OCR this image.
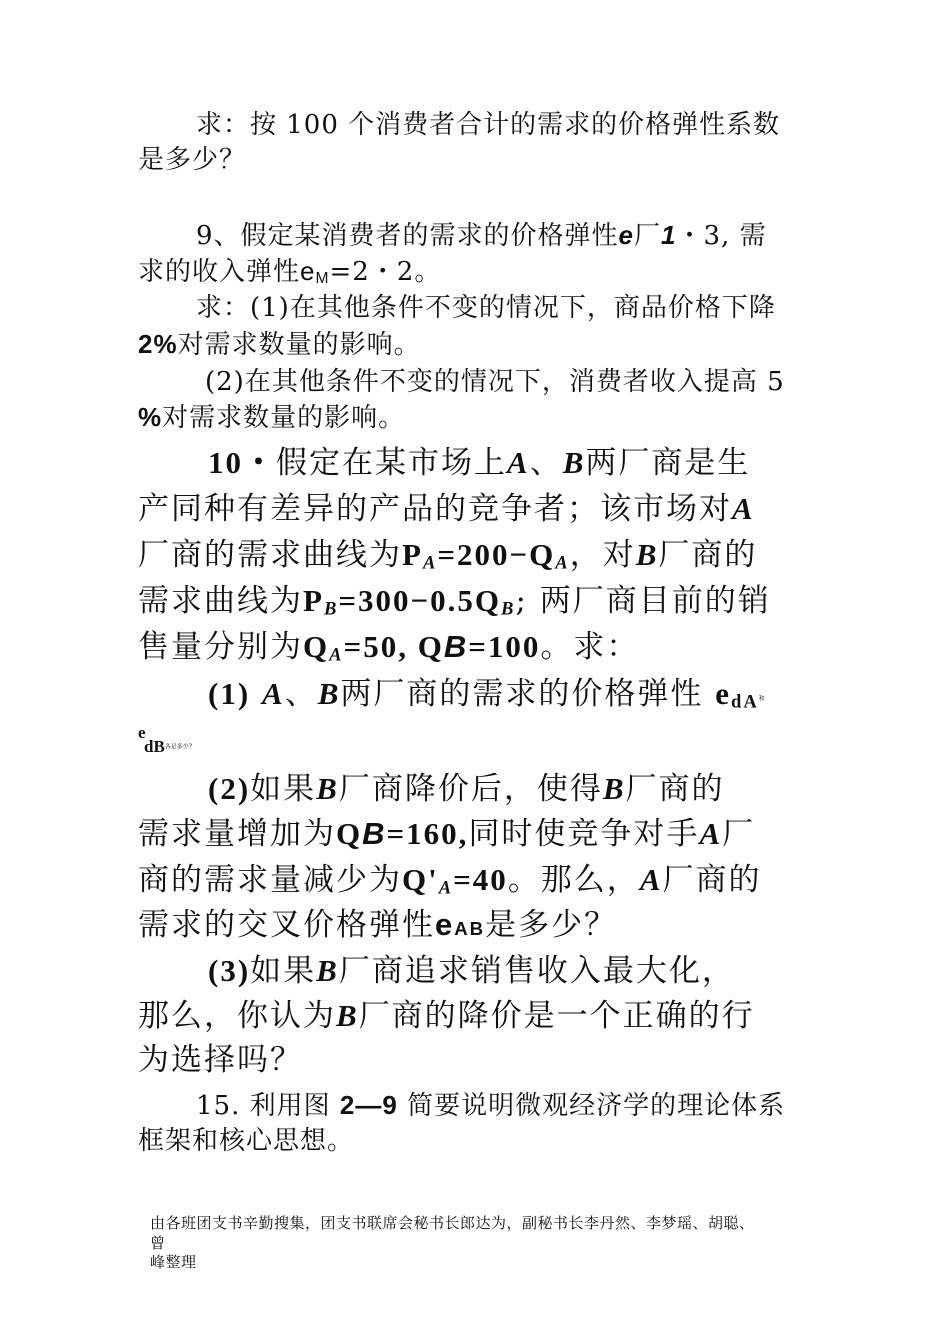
求：按 100 个消费者合计的需求的价格弹性系数
是多少？
9、假定某消费者的需求的价格弹性e厂1・3, 需
求的收入弹性$e_M=2$・2。
求：(1)在其他条件不变的情况下，商品价格下降
2%对需求数量的影响。
(2)在其他条件不变的情况下，消费者收入提高 5
%对需求数量的影响。
10・假定在某市场上A、B两厂商是生
产同种有差异的产品的竞争者；该市场对A
厂商的需求曲线为PA=200−QA，对B厂商的
需求曲线为PB=300−0.5QB; 两厂商目前的销
售量分别为QA=50, QB=100。求：
(1) A、B两厂商的需求的价格弹性 edA和
e
$dB^{各是多少?}$
(2)如果B厂商降价后，使得B厂商的
需求量增加为QB=160,同时使竞争对手A厂
商的需求量减少为Q'A=40。那么，A厂商的
需求的交叉价格弹性eAB是多少？
(3)如果B厂商追求销售收入最大化，
那么，你认为B厂商的降价是一个正确的行
为选择吗？
15. 利用图 2—9 简要说明微观经济学的理论体系
框架和核心思想。
由各班团支书辛勤搜集，团支书联席会秘书长郎达为，副秘书长李丹然、李梦瑶、胡聪、
曾
峰整理
